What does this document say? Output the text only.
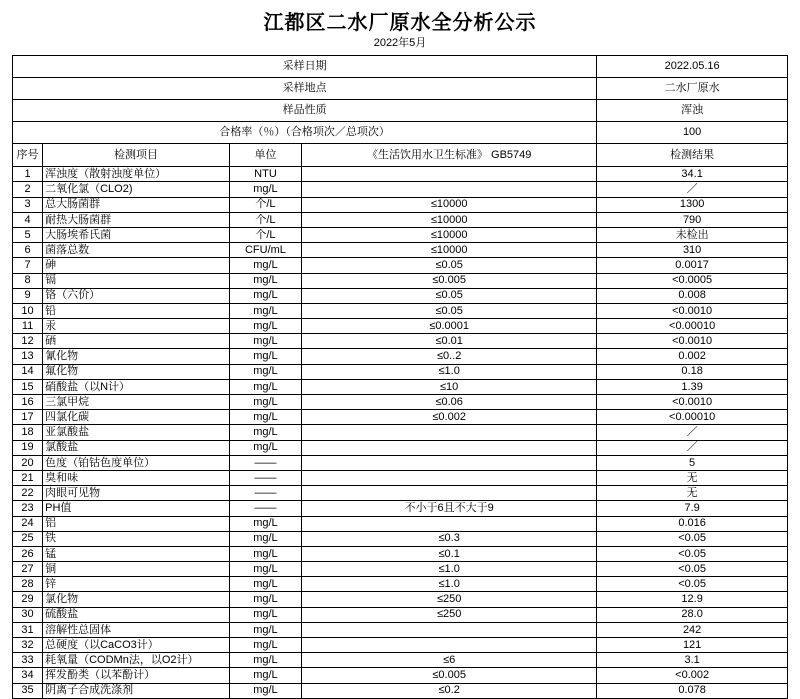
江都区二水厂原水全分析公示
2022年5月
采样日期				2022.05.16
采样地点				二水厂原水
样品性质				浑浊
合格率（％）（合格项次／总项次）				100
序号	检测项目	单位	《生活饮用水卫生标准》 GB5749	检测结果
1	浑浊度（散射浊度单位）	NTU		34.1
2	二氧化氯（CLO2)	mg/L		／
3	总大肠菌群	个/L	≤10000	1300
4	耐热大肠菌群	个/L	≤10000	790
5	大肠埃希氏菌	个/L	≤10000	未检出
6	菌落总数	CFU/mL	≤10000	310
7	砷	mg/L	≤0.05	0.0017
8	镉	mg/L	≤0.005	<0.0005
9	铬（六价）	mg/L	≤0.05	0.008
10	铅	mg/L	≤0.05	<0.0010
11	汞	mg/L	≤0.0001	<0.00010
12	硒	mg/L	≤0.01	<0.0010
13	氰化物	mg/L	≤0..2	0.002
14	氟化物	mg/L	≤1.0	0.18
15	硝酸盐（以N计）	mg/L	≤10	1.39
16	三氯甲烷	mg/L	≤0.06	<0.0010
17	四氯化碳	mg/L	≤0.002	<0.00010
18	亚氯酸盐	mg/L		／
19	氯酸盐	mg/L		／
20	色度（铂钴色度单位）	——		5
21	臭和味	——		无
22	肉眼可见物	——		无
23	PH值	——	不小于6且不大于9	7.9
24	铝	mg/L		0.016
25	铁	mg/L	≤0.3	<0.05
26	锰	mg/L	≤0.1	<0.05
27	铜	mg/L	≤1.0	<0.05
28	锌	mg/L	≤1.0	<0.05
29	氯化物	mg/L	≤250	12.9
30	硫酸盐	mg/L	≤250	28.0
31	溶解性总固体	mg/L		242
32	总硬度（以CaCO3计）	mg/L		121
33	耗氧量（CODMn法，以O2计）	mg/L	≤6	3.1
34	挥发酚类（以苯酚计）	mg/L	≤0.005	<0.002
35	阴离子合成洗涤剂	mg/L	≤0.2	0.078
